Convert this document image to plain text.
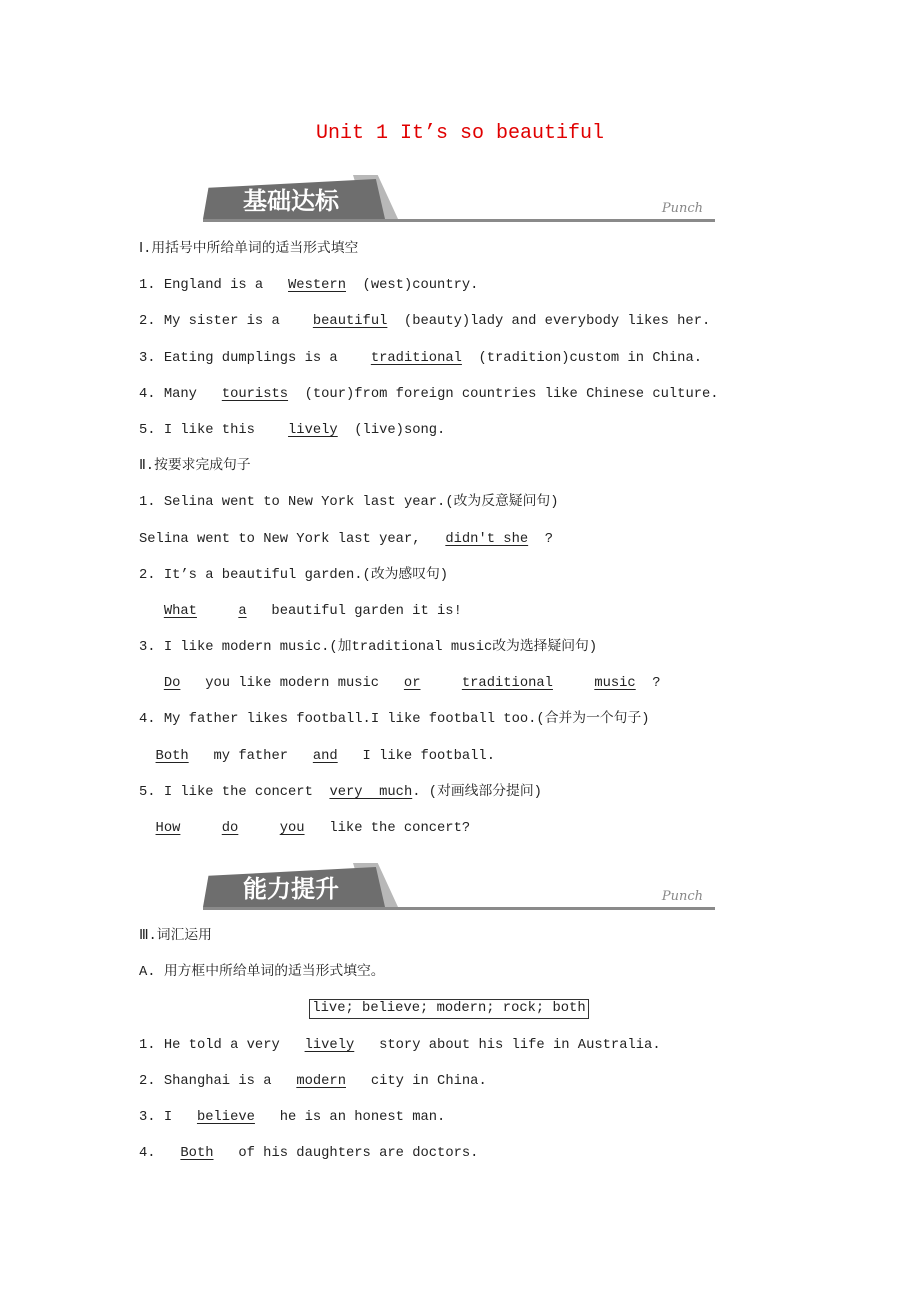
Unit 1 It’s so beautiful
基础达标	Punch
Ⅰ.用括号中所给单词的适当形式填空
1. England is a Western (west)country.
2. My sister is a  beautiful (beauty)lady and everybody likes her.
3. Eating dumplings is a  traditional (tradition)custom in China.
4. Many tourists (tour)from foreign countries like Chinese culture.
5. I like this  lively (live)song.
Ⅱ.按要求完成句子
1. Selina went to New York last year.(改为反意疑问句)
Selina went to New York last year, didn't she ?
2. It’s a beautiful garden.(改为感叹句)
What	a beautiful garden it is!
3. I like modern music.(加traditional music改为选择疑问句)
Do you like modern music or	traditional	music ?
4. My father likes football.I like football too.(合并为一个句子)
Both my father and I like football.
5. I like the concert  very  much. (对画线部分提问)
How	do	you like the concert?
能力提升	Punch
Ⅲ.词汇运用
A. 用方框中所给单词的适当形式填空。
live; believe; modern; rock; both
1. He told a very lively story about his life in Australia.
2. Shanghai is a modern city in China.
3. I believe he is an honest man.
4. Both of his daughters are doctors.
